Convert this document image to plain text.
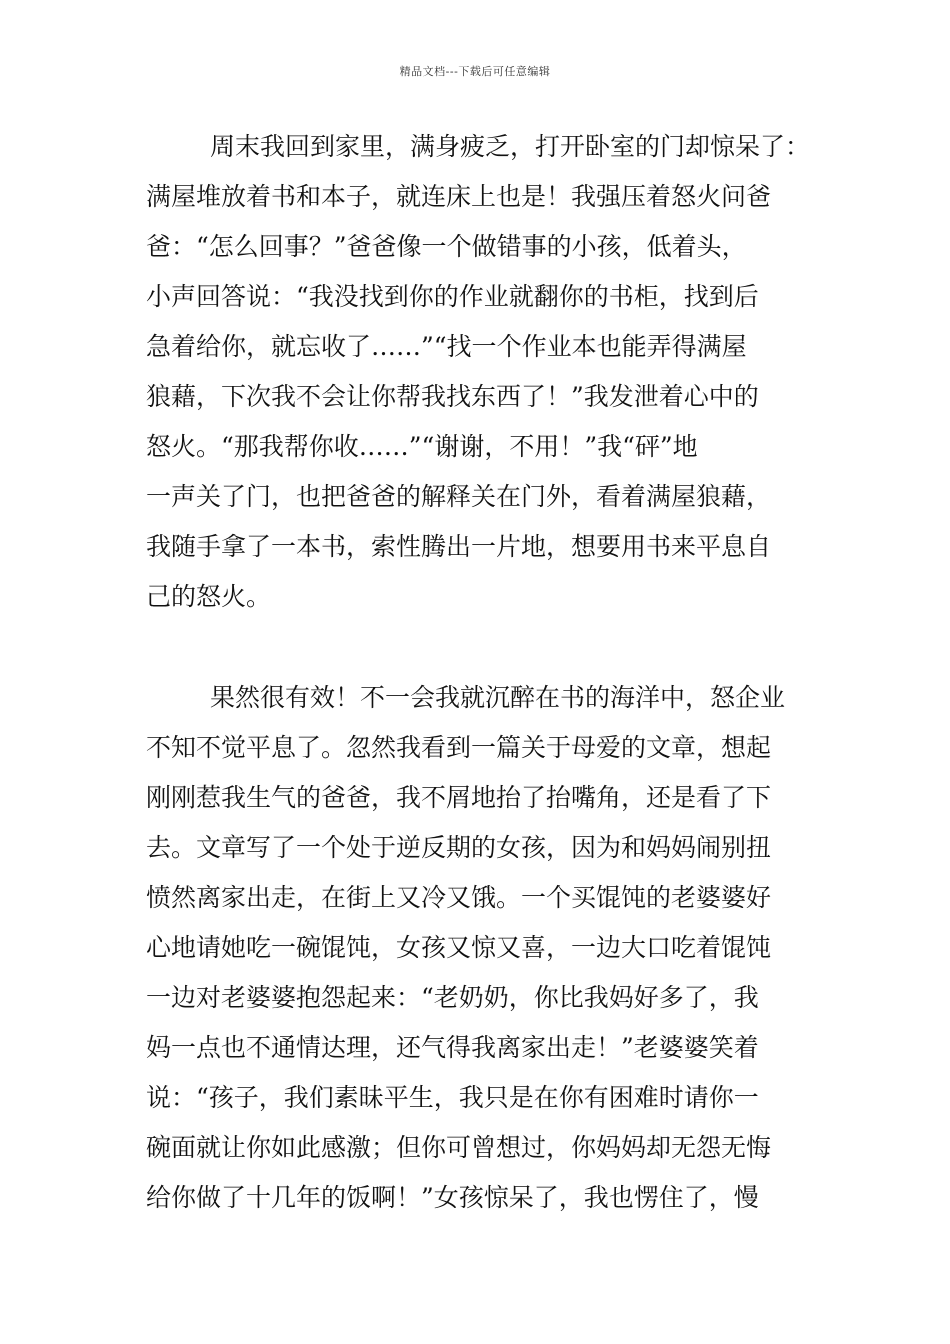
精品文档---下载后可任意编辑
周末我回到家里，满身疲乏，打开卧室的门却惊呆了：
满屋堆放着书和本子，就连床上也是！我强压着怒火问爸
爸：“怎么回事？”爸爸像一个做错事的小孩，低着头，
小声回答说：“我没找到你的作业就翻你的书柜，找到后
急着给你，就忘收了……”“找一个作业本也能弄得满屋
狼藉，下次我不会让你帮我找东西了！”我发泄着心中的
怒火。“那我帮你收……”“谢谢，不用！”我“砰”地
一声关了门，也把爸爸的解释关在门外，看着满屋狼藉，
我随手拿了一本书，索性腾出一片地，想要用书来平息自
己的怒火。
果然很有效！不一会我就沉醉在书的海洋中，怒企业
不知不觉平息了。忽然我看到一篇关于母爱的文章，想起
刚刚惹我生气的爸爸，我不屑地抬了抬嘴角，还是看了下
去。文章写了一个处于逆反期的女孩，因为和妈妈闹别扭
愤然离家出走，在街上又冷又饿。一个买馄饨的老婆婆好
心地请她吃一碗馄饨，女孩又惊又喜，一边大口吃着馄饨
一边对老婆婆抱怨起来：“老奶奶，你比我妈好多了，我
妈一点也不通情达理，还气得我离家出走！”老婆婆笑着
说：“孩子，我们素昧平生，我只是在你有困难时请你一
碗面就让你如此感激；但你可曾想过，你妈妈却无怨无悔
给你做了十几年的饭啊！”女孩惊呆了，我也愣住了，慢
